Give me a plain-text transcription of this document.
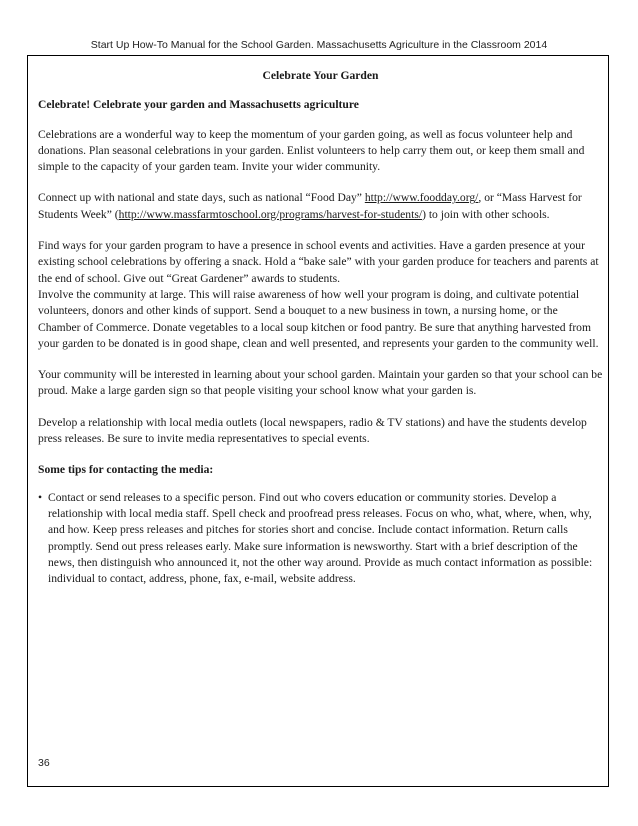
Start Up How-To Manual for the School Garden. Massachusetts Agriculture in the Classroom 2014

Celebrate Your Garden

Celebrate! Celebrate your garden and Massachusetts agriculture

Celebrations are a wonderful way to keep the momentum of your garden going, as well as focus volunteer help and donations. Plan seasonal celebrations in your garden. Enlist volunteers to help carry them out, or keep them small and simple to the capacity of your garden team. Invite your wider community.

Connect up with national and state days, such as national “Food Day” http://www.foodday.org/, or “Mass Harvest for Students Week” (http://www.massfarmtoschool.org/programs/harvest-for-students/) to join with other schools.

Find ways for your garden program to have a presence in school events and activities. Have a garden presence at your existing school celebrations by offering a snack. Hold a “bake sale” with your garden produce for teachers and parents at the end of school. Give out “Great Gardener” awards to students.

Involve the community at large. This will raise awareness of how well your program is doing, and cultivate potential volunteers, donors and other kinds of support. Send a bouquet to a new business in town, a nursing home, or the Chamber of Commerce. Donate vegetables to a local soup kitchen or food pantry. Be sure that anything harvested from your garden to be donated is in good shape, clean and well presented, and represents your garden to the community well.

Your community will be interested in learning about your school garden. Maintain your garden so that your school can be proud. Make a large garden sign so that people visiting your school know what your garden is.

Develop a relationship with local media outlets (local newspapers, radio & TV stations) and have the students develop press releases. Be sure to invite media representatives to special events.

Some tips for contacting the media:

• Contact or send releases to a specific person. Find out who covers education or community stories. Develop a relationship with local media staff. Spell check and proofread press releases. Focus on who, what, where, when, why, and how. Keep press releases and pitches for stories short and concise. Include contact information. Return calls promptly. Send out press releases early. Make sure information is newsworthy. Start with a brief description of the news, then distinguish who announced it, not the other way around. Provide as much contact information as possible: individual to contact, address, phone, fax, e-mail, website address.
36
